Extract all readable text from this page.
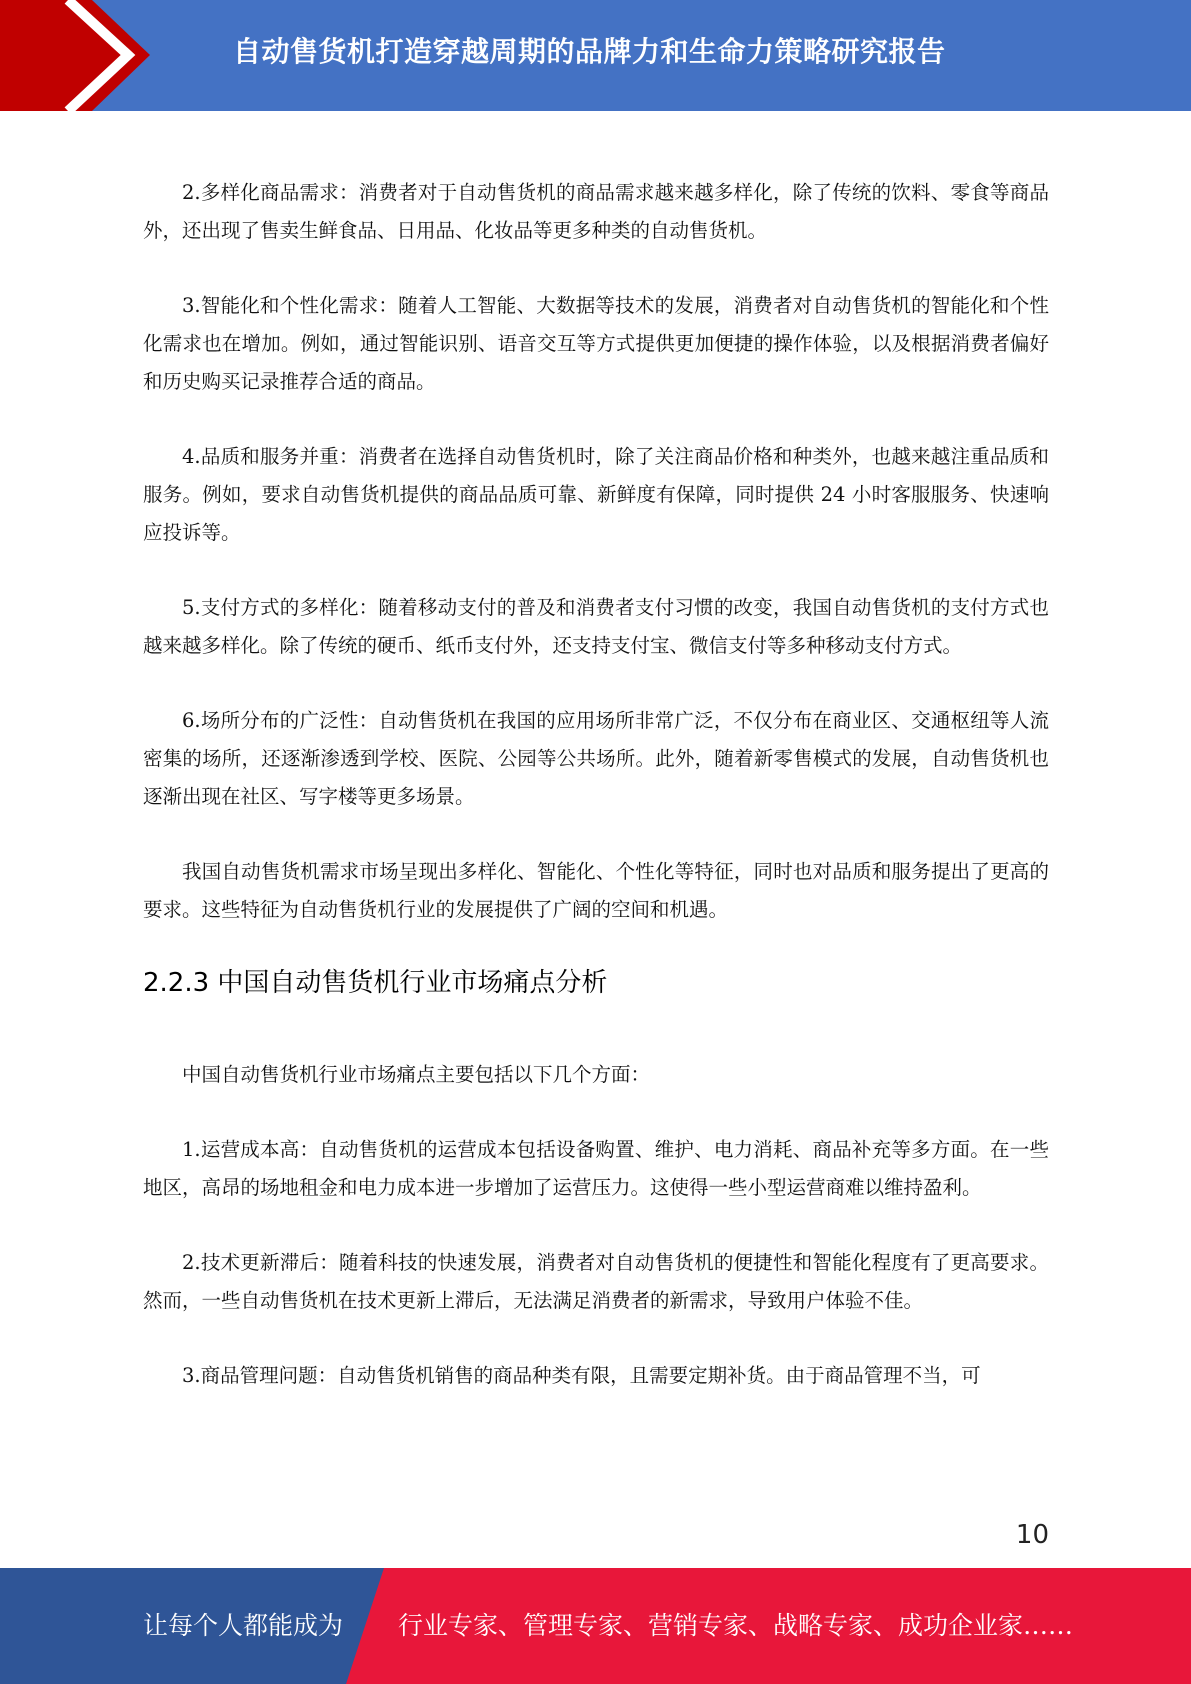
自动售货机打造穿越周期的品牌力和生命力策略研究报告

2.多样化商品需求：消费者对于自动售货机的商品需求越来越多样化，除了传统的饮料、零食等商品外，还出现了售卖生鲜食品、日用品、化妆品等更多种类的自动售货机。

3.智能化和个性化需求：随着人工智能、大数据等技术的发展，消费者对自动售货机的智能化和个性化需求也在增加。例如，通过智能识别、语音交互等方式提供更加便捷的操作体验，以及根据消费者偏好和历史购买记录推荐合适的商品。

4.品质和服务并重：消费者在选择自动售货机时，除了关注商品价格和种类外，也越来越注重品质和服务。例如，要求自动售货机提供的商品品质可靠、新鲜度有保障，同时提供 24 小时客服服务、快速响应投诉等。

5.支付方式的多样化：随着移动支付的普及和消费者支付习惯的改变，我国自动售货机的支付方式也越来越多样化。除了传统的硬币、纸币支付外，还支持支付宝、微信支付等多种移动支付方式。

6.场所分布的广泛性：自动售货机在我国的应用场所非常广泛，不仅分布在商业区、交通枢纽等人流密集的场所，还逐渐渗透到学校、医院、公园等公共场所。此外，随着新零售模式的发展，自动售货机也逐渐出现在社区、写字楼等更多场景。

我国自动售货机需求市场呈现出多样化、智能化、个性化等特征，同时也对品质和服务提出了更高的要求。这些特征为自动售货机行业的发展提供了广阔的空间和机遇。

2.2.3 中国自动售货机行业市场痛点分析

中国自动售货机行业市场痛点主要包括以下几个方面：

1.运营成本高：自动售货机的运营成本包括设备购置、维护、电力消耗、商品补充等多方面。在一些地区，高昂的场地租金和电力成本进一步增加了运营压力。这使得一些小型运营商难以维持盈利。

2.技术更新滞后：随着科技的快速发展，消费者对自动售货机的便捷性和智能化程度有了更高要求。然而，一些自动售货机在技术更新上滞后，无法满足消费者的新需求，导致用户体验不佳。

3.商品管理问题：自动售货机销售的商品种类有限，且需要定期补货。由于商品管理不当，可

10
让每个人都能成为 行业专家、管理专家、营销专家、战略专家、成功企业家……
